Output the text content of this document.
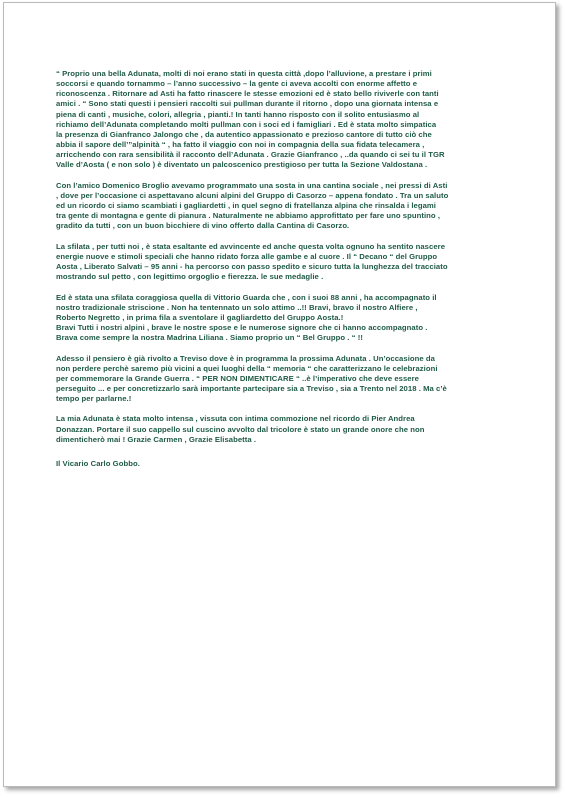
“ Proprio una bella Adunata, molti di noi erano stati in questa città ,dopo l’alluvione, a prestare i primi
soccorsi e quando tornammo – l’anno successivo – la gente ci aveva accolti con enorme affetto e
riconoscenza . Ritornare ad Asti ha fatto rinascere le stesse emozioni ed è stato bello riviverle con tanti
amici . “ Sono stati questi i pensieri raccolti sui pullman durante il ritorno , dopo una giornata intensa e
piena di canti , musiche, colori, allegria , pianti.! In tanti hanno risposto con il solito entusiasmo al
richiamo dell’Adunata completando molti pullman con i soci ed i famigliari . Ed è stata molto simpatica
la presenza di Gianfranco Jalongo che , da autentico appassionato e prezioso cantore di tutto ciò che
abbia il sapore dell’”alpinità “ , ha fatto il viaggio con noi in compagnia della sua fidata telecamera ,
arricchendo con rara sensibilità il racconto dell’Adunata . Grazie Gianfranco , ..da quando ci sei tu il TGR
Valle d’Aosta ( e non solo ) è diventato un palcoscenico prestigioso per tutta la Sezione Valdostana .

Con l’amico Domenico Broglio avevamo programmato una sosta in una cantina sociale , nei pressi di Asti
, dove per l’occasione ci aspettavano alcuni alpini del Gruppo di Casorzo – appena fondato . Tra un saluto
ed un ricordo ci siamo scambiati i gagliardetti , in quel segno di fratellanza alpina che rinsalda i legami
tra gente di montagna e gente di pianura . Naturalmente ne abbiamo approfittato per fare uno spuntino ,
gradito da tutti , con un buon bicchiere di vino offerto dalla Cantina di Casorzo.

La sfilata , per tutti noi , è stata esaltante ed avvincente ed anche questa volta ognuno ha sentito nascere
energie nuove e stimoli speciali che hanno ridato forza alle gambe e al cuore . Il “ Decano “ del Gruppo
Aosta , Liberato Salvati – 95 anni - ha percorso con passo spedito e sicuro tutta la lunghezza del tracciato
mostrando sul petto , con legittimo orgoglio e fierezza. le sue medaglie .

Ed è stata una sfilata coraggiosa quella di Vittorio Guarda che , con i suoi 88 anni , ha accompagnato il
nostro tradizionale striscione . Non ha tentennato un solo attimo ..!! Bravi, bravo il nostro Alfiere ,
Roberto Negretto , in prima fila a sventolare il gagliardetto del Gruppo Aosta.!
Bravi Tutti i nostri alpini , brave le nostre spose e le numerose signore che ci hanno accompagnato .
Brava come sempre la nostra Madrina Liliana . Siamo proprio un “ Bel Gruppo . “ !!

Adesso il pensiero è già rivolto a Treviso dove è in programma la prossima Adunata . Un’occasione da
non perdere perchè saremo più vicini a quei luoghi della “ memoria “ che caratterizzano le celebrazioni
per commemorare la Grande Guerra . “ PER NON DIMENTICARE “ ..è l’imperativo che deve essere
perseguito ... e per concretizzarlo sarà importante partecipare sia a Treviso , sia a Trento nel 2018 . Ma c’è
tempo per parlarne.!

La mia Adunata è stata molto intensa , vissuta con intima commozione nel ricordo di Pier Andrea
Donazzan. Portare il suo cappello sul cuscino avvolto dal tricolore è stato un grande onore che non
dimenticherò mai ! Grazie Carmen , Grazie Elisabetta .

Il Vicario Carlo Gobbo.
